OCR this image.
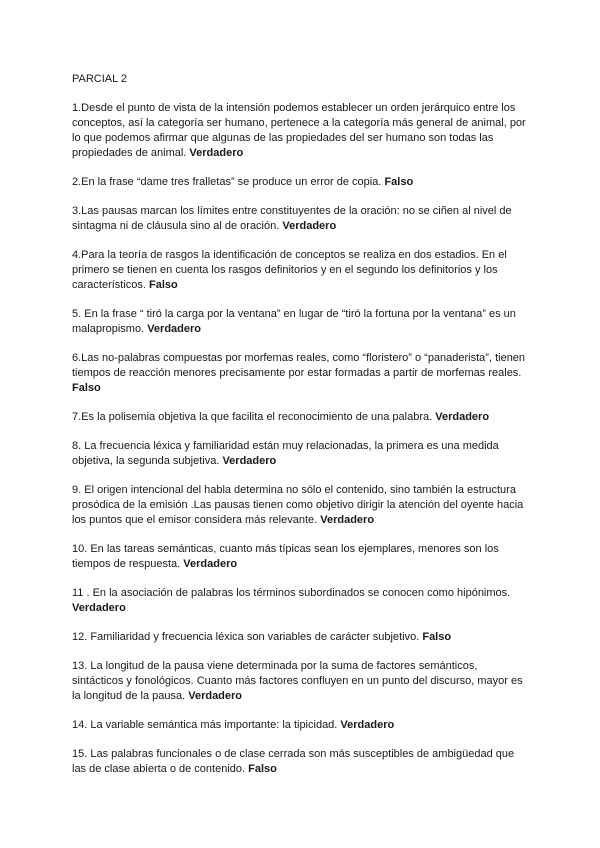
PARCIAL 2

1.Desde el punto de vista de la intensión podemos establecer un orden jerárquico entre los conceptos, así la categoría ser humano, pertenece a la categoría más general de animal, por lo que podemos afirmar que algunas de las propiedades del ser humano son todas las propiedades de animal. Verdadero

2.En la frase “dame tres fralletas” se produce un error de copia. Falso

3.Las pausas marcan los límites entre constituyentes de la oración: no se ciñen al nivel de sintagma ni de cláusula sino al de oración. Verdadero

4.Para la teoría de rasgos la identificación de conceptos se realiza en dos estadios. En el primero se tienen en cuenta los rasgos definitorios y en el segundo los definitorios y los característicos. Falso

5. En la frase “ tiró la carga por la ventana” en lugar de “tiró la fortuna por la ventana” es un malapropismo. Verdadero

6.Las no-palabras compuestas por morfemas reales, como “floristero” o “panaderista”, tienen tiempos de reacción menores precisamente por estar formadas a partir de morfemas reales. Falso

7.Es la polisemia objetiva la que facilita el reconocimiento de una palabra. Verdadero

8. La frecuencia léxica y familiaridad están muy relacionadas, la primera es una medida objetiva, la segunda subjetiva. Verdadero

9. El origen intencional del habla determina no sólo el contenido, sino también la estructura prosódica de la emisión .Las pausas tienen como objetivo dirigir la atención del oyente hacia los puntos que el emisor considera más relevante. Verdadero

10. En las tareas semánticas, cuanto más típicas sean los ejemplares, menores son los tiempos de respuesta. Verdadero

11 . En la asociación de palabras los términos subordinados se conocen como hipónimos. Verdadero

12. Familiaridad y frecuencia léxica son variables de carácter subjetivo. Falso

13. La longitud de la pausa viene determinada por la suma de factores semánticos, sintácticos y fonológicos. Cuanto más factores confluyen en un punto del discurso, mayor es la longitud de la pausa. Verdadero

14. La variable semántica más importante: la tipicidad. Verdadero

15. Las palabras funcionales o de clase cerrada son más susceptibles de ambigüedad que las de clase abierta o de contenido. Falso
